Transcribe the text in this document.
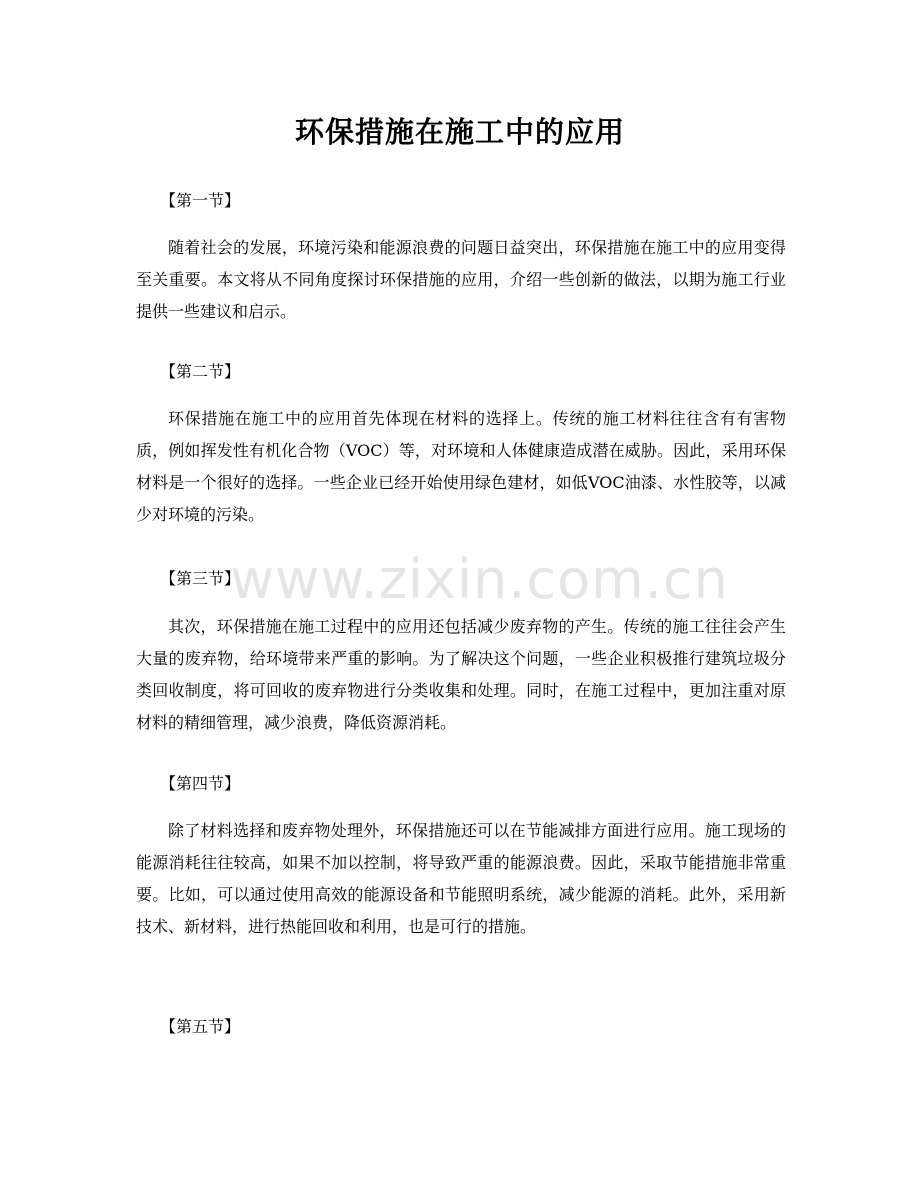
环保措施在施工中的应用
【第一节】

随着社会的发展，环境污染和能源浪费的问题日益突出，环保措施在施工中的应用变得至关重要。本文将从不同角度探讨环保措施的应用，介绍一些创新的做法，以期为施工行业提供一些建议和启示。

【第二节】

环保措施在施工中的应用首先体现在材料的选择上。传统的施工材料往往含有有害物质，例如挥发性有机化合物（VOC）等，对环境和人体健康造成潜在威胁。因此，采用环保材料是一个很好的选择。一些企业已经开始使用绿色建材，如低VOC油漆、水性胶等，以减少对环境的污染。

【第三节】

其次，环保措施在施工过程中的应用还包括减少废弃物的产生。传统的施工往往会产生大量的废弃物，给环境带来严重的影响。为了解决这个问题，一些企业积极推行建筑垃圾分类回收制度，将可回收的废弃物进行分类收集和处理。同时，在施工过程中，更加注重对原材料的精细管理，减少浪费，降低资源消耗。

【第四节】

除了材料选择和废弃物处理外，环保措施还可以在节能减排方面进行应用。施工现场的能源消耗往往较高，如果不加以控制，将导致严重的能源浪费。因此，采取节能措施非常重要。比如，可以通过使用高效的能源设备和节能照明系统，减少能源的消耗。此外，采用新技术、新材料，进行热能回收和利用，也是可行的措施。

【第五节】
www.zixin.com.cn
